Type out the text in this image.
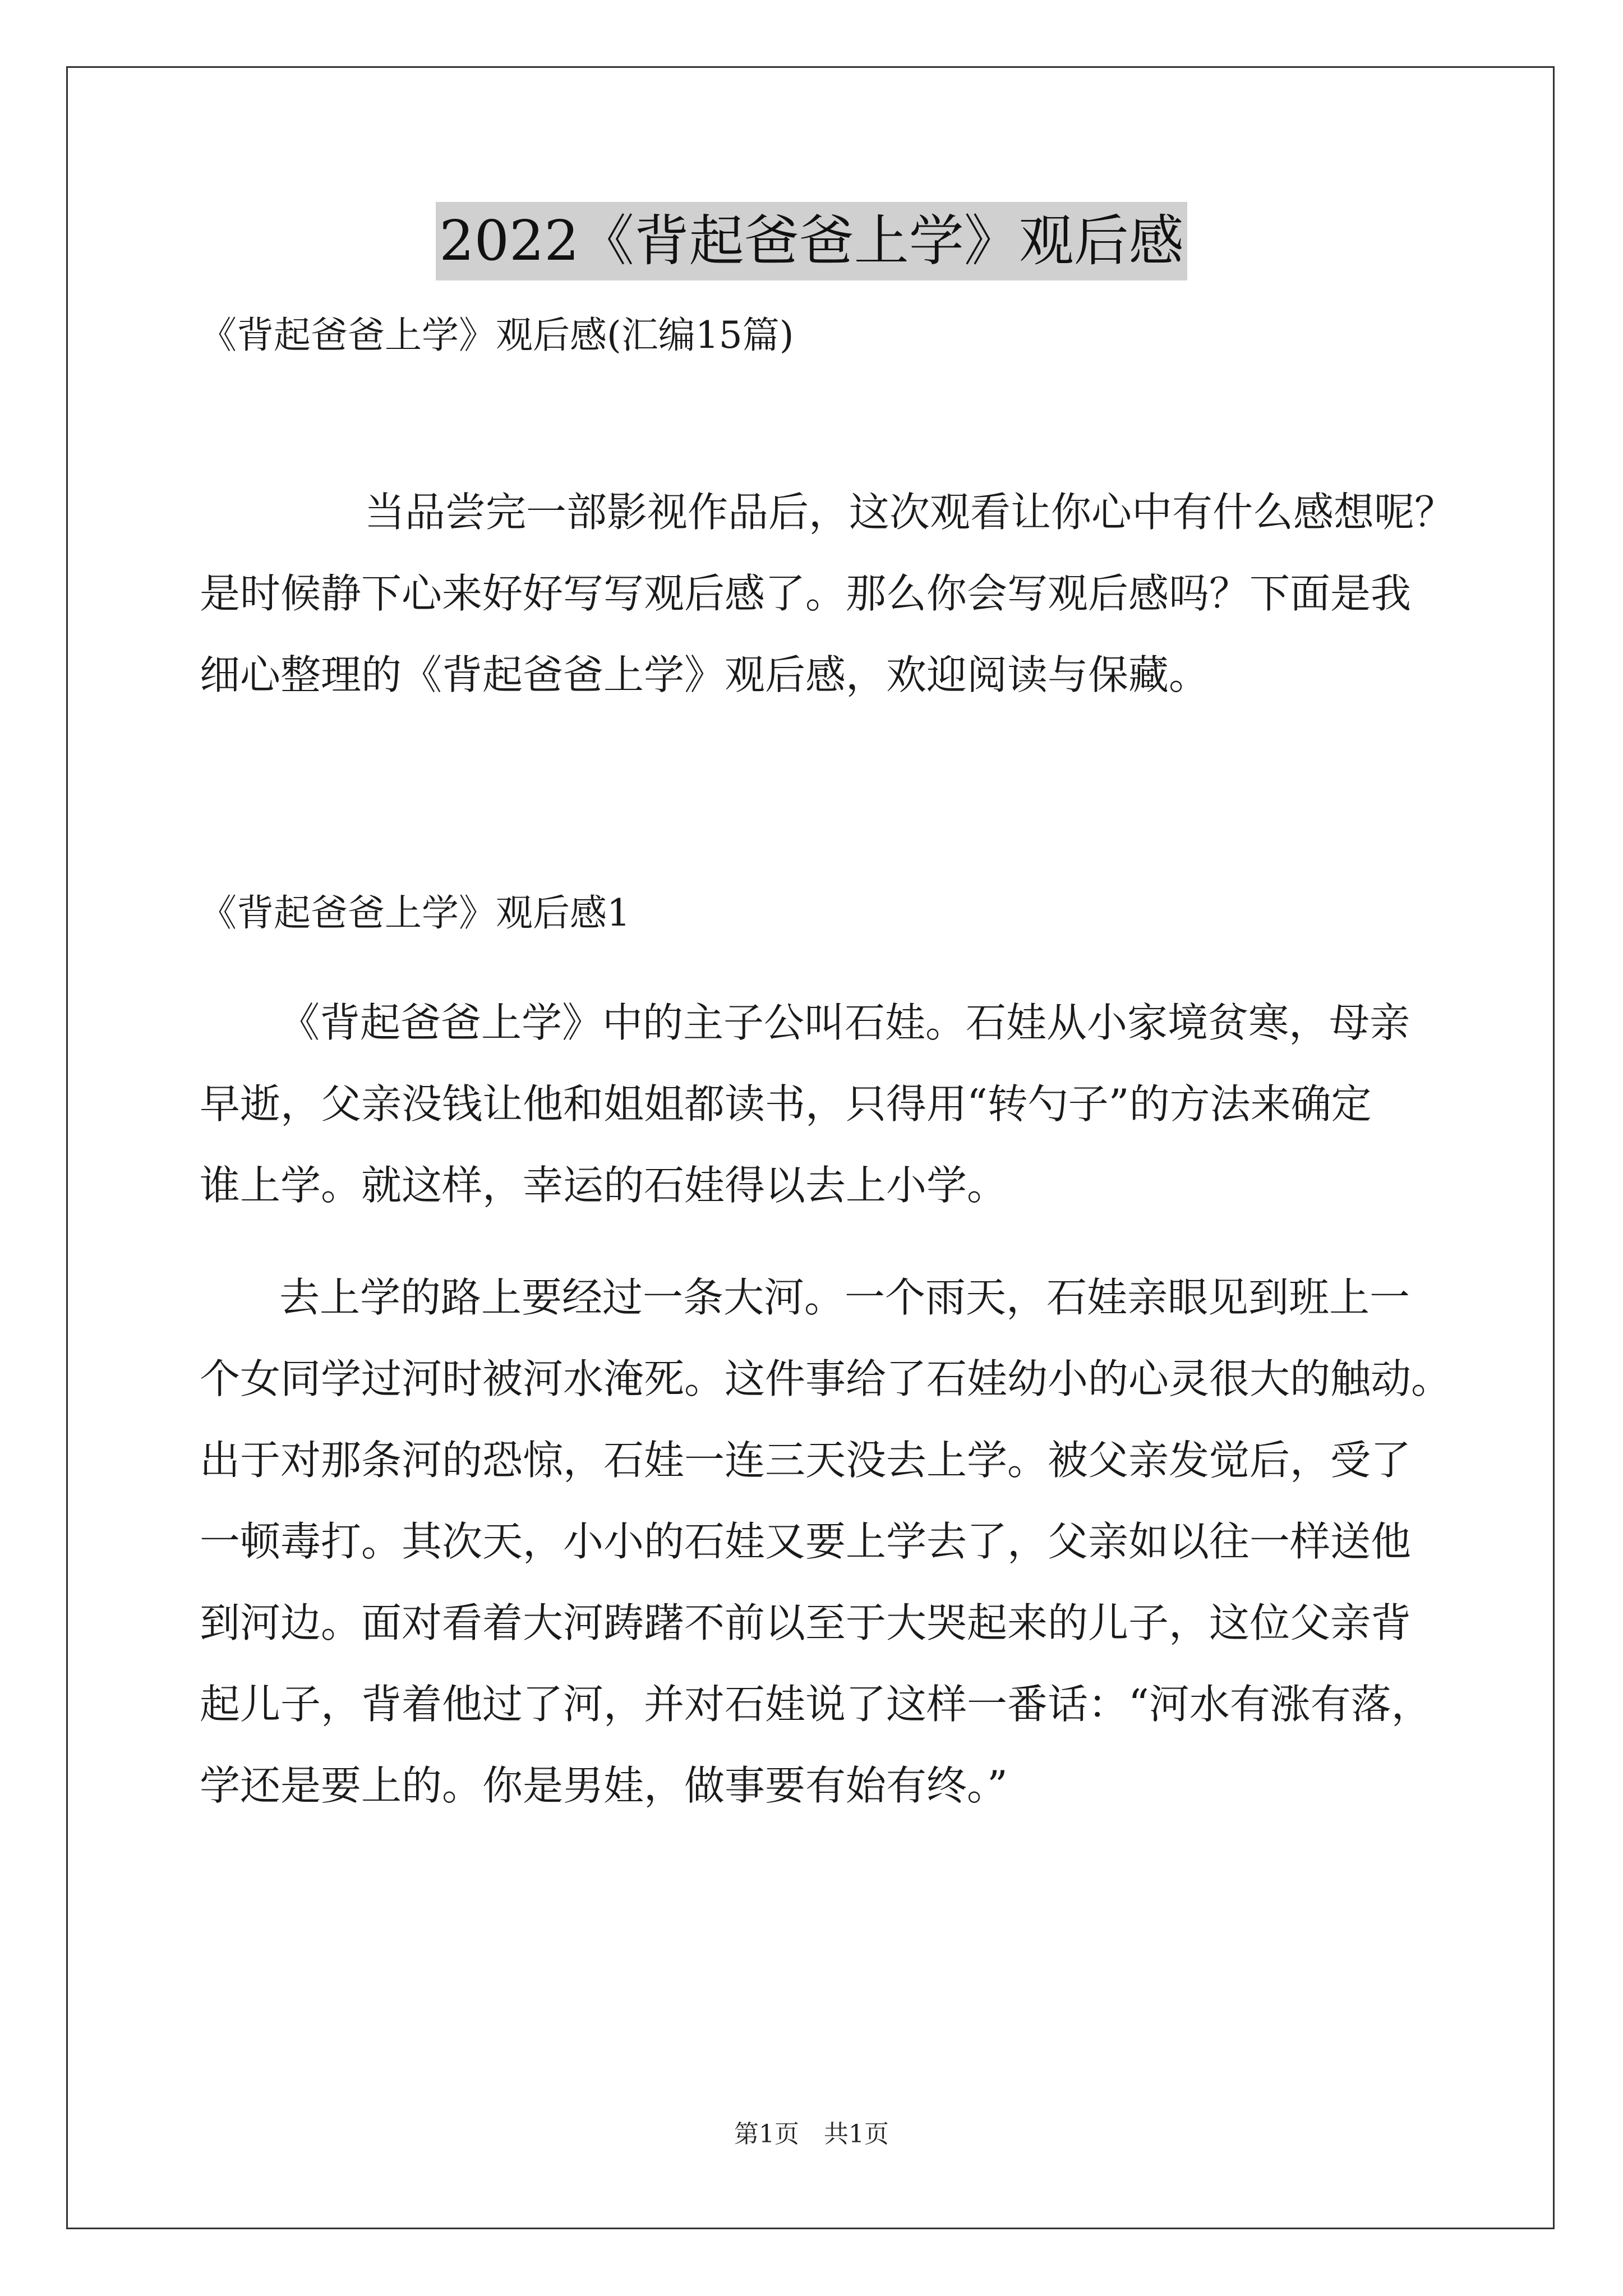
2022《背起爸爸上学》观后感
《背起爸爸上学》观后感(汇编15篇)
当品尝完一部影视作品后，这次观看让你心中有什么感想呢？
是时候静下心来好好写写观后感了。那么你会写观后感吗？下面是我
细心整理的《背起爸爸上学》观后感，欢迎阅读与保藏。
《背起爸爸上学》观后感1
《背起爸爸上学》中的主子公叫石娃。石娃从小家境贫寒，母亲
早逝，父亲没钱让他和姐姐都读书，只得用“转勺子”的方法来确定
谁上学。就这样，幸运的石娃得以去上小学。
去上学的路上要经过一条大河。一个雨天，石娃亲眼见到班上一
个女同学过河时被河水淹死。这件事给了石娃幼小的心灵很大的触动。
出于对那条河的恐惊，石娃一连三天没去上学。被父亲发觉后，受了
一顿毒打。其次天，小小的石娃又要上学去了，父亲如以往一样送他
到河边。面对看着大河踌躇不前以至于大哭起来的儿子，这位父亲背
起儿子，背着他过了河，并对石娃说了这样一番话：“河水有涨有落，
学还是要上的。你是男娃，做事要有始有终。”
第1页　共1页
